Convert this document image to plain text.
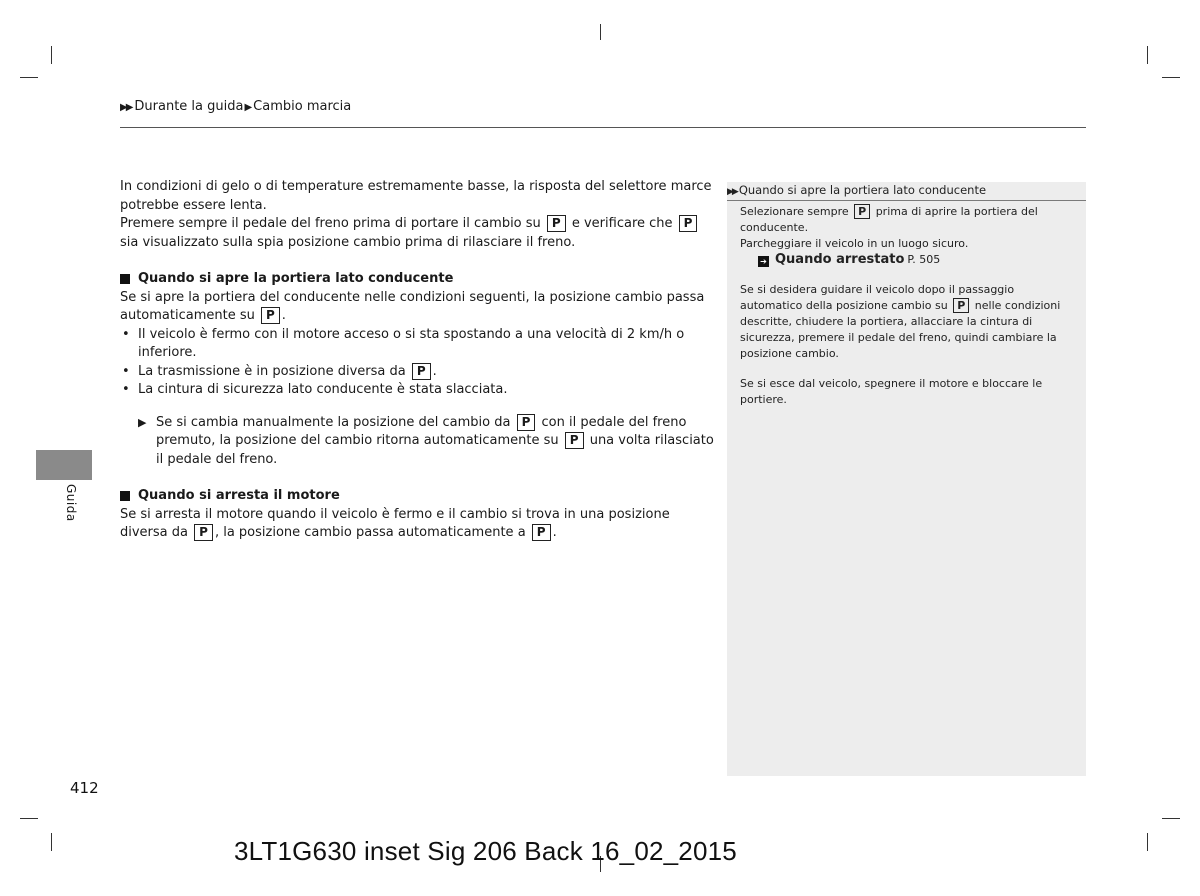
▶▶ Durante la guida▶Cambio marcia

In condizioni di gelo o di temperature estremamente basse, la risposta del selettore marce potrebbe essere lenta.

Premere sempre il pedale del freno prima di portare il cambio su P e verificare che P sia visualizzato sulla spia posizione cambio prima di rilasciare il freno.

Quando si apre la portiera lato conducente

Se si apre la portiera del conducente nelle condizioni seguenti, la posizione cambio passa automaticamente su P .

• Il veicolo è fermo con il motore acceso o si sta spostando a una velocità di 2 km/h o inferiore.
• La trasmissione è in posizione diversa da P .
• La cintura di sicurezza lato conducente è stata slacciata.

▶ Se si cambia manualmente la posizione del cambio da P con il pedale del freno premuto, la posizione del cambio ritorna automaticamente su P una volta rilasciato il pedale del freno.

Quando si arresta il motore

Se si arresta il motore quando il veicolo è fermo e il cambio si trova in una posizione diversa da P , la posizione cambio passa automaticamente a P .

▶▶ Quando si apre la portiera lato conducente

Selezionare sempre P prima di aprire la portiera del conducente.

Parcheggiare il veicolo in un luogo sicuro.

➔ Quando arrestato P. 505

Se si desidera guidare il veicolo dopo il passaggio automatico della posizione cambio su P nelle condizioni descritte, chiudere la portiera, allacciare la cintura di sicurezza, premere il pedale del freno, quindi cambiare la posizione cambio.

Se si esce dal veicolo, spegnere il motore e bloccare le portiere.

Guida
412
3LT1G630 inset Sig 206 Back 16_02_2015
